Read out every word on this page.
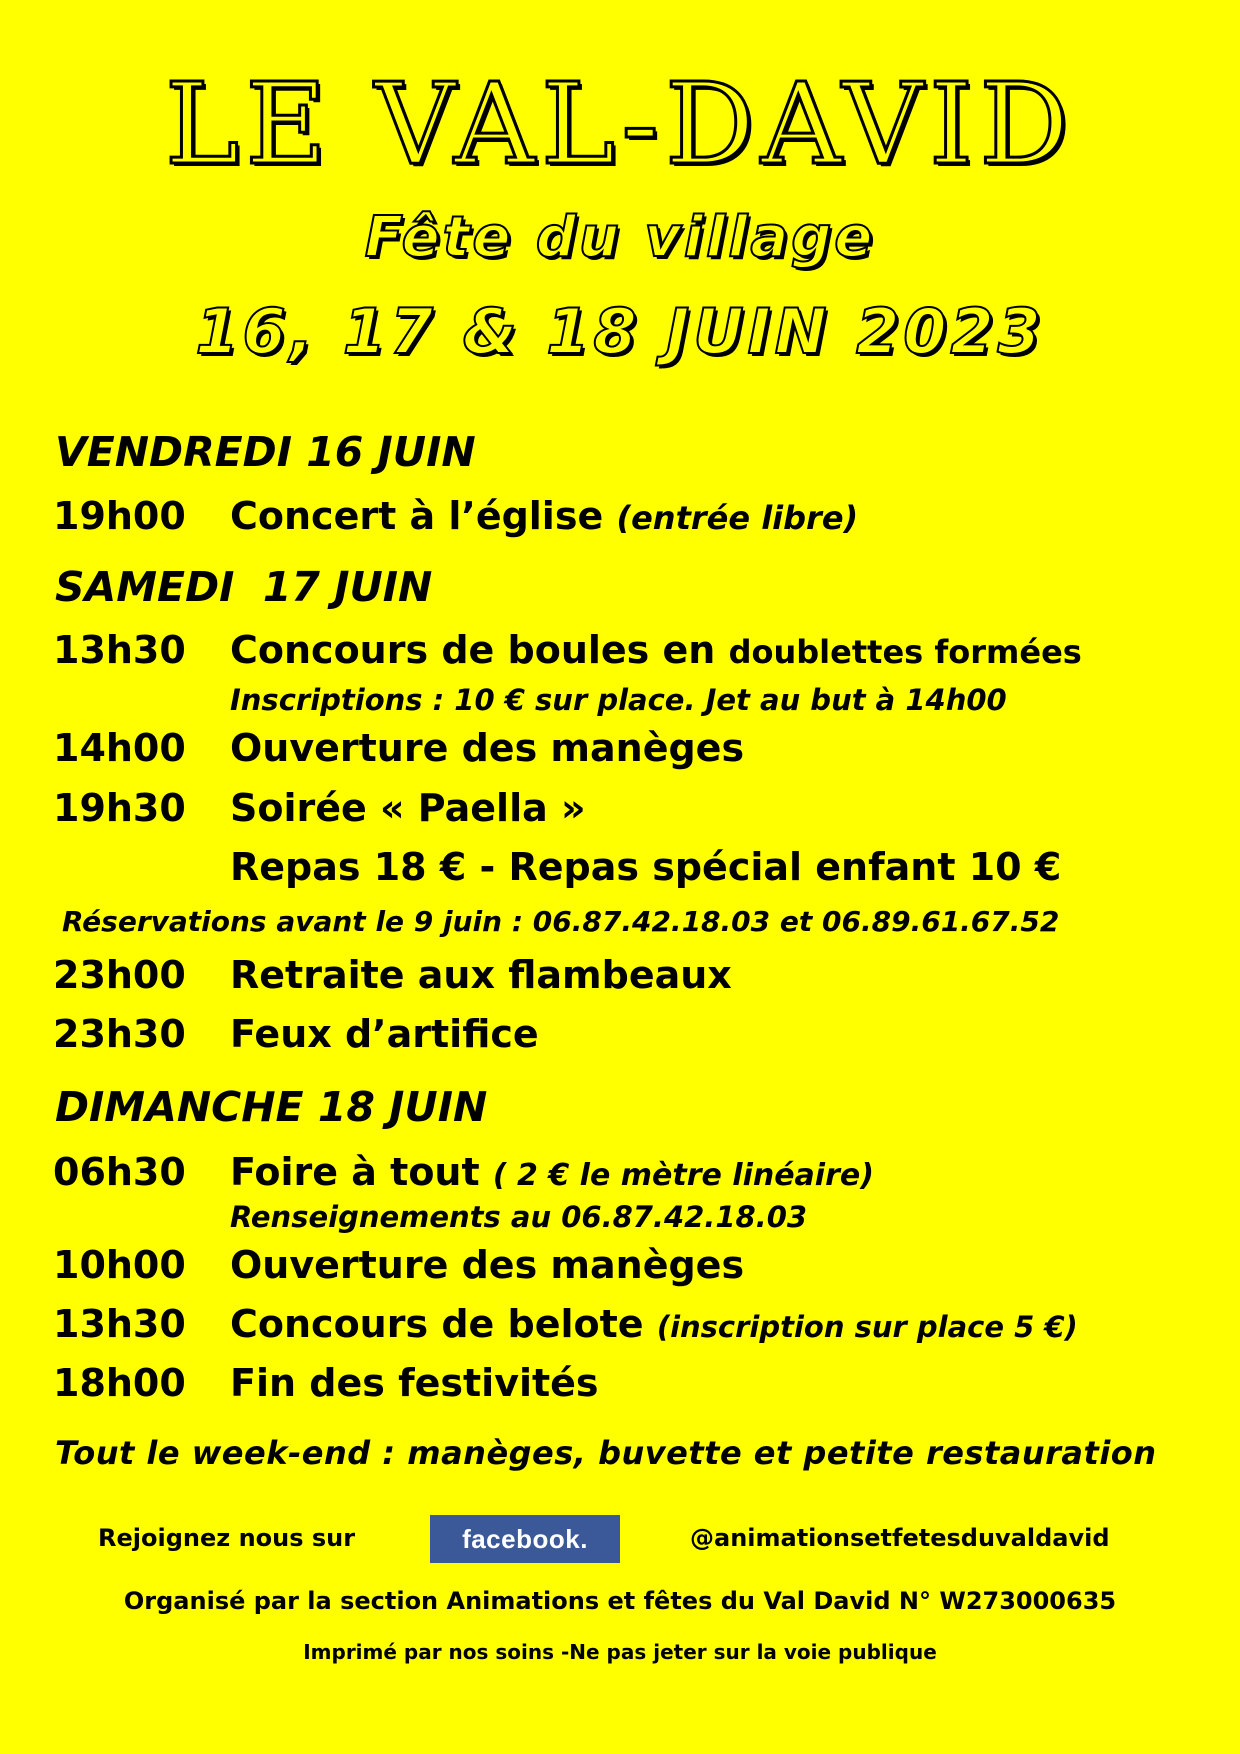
LE VAL-DAVID
Fête du village
16, 17 & 18 JUIN 2023
VENDREDI 16 JUIN
19h00 Concert à l’église (entrée libre)
SAMEDI  17 JUIN
13h30 Concours de boules en doublettes formées
Inscriptions : 10 € sur place. Jet au but à 14h00
14h00 Ouverture des manèges
19h30 Soirée « Paella »
Repas 18 € - Repas spécial enfant 10 €
Réservations avant le 9 juin : 06.87.42.18.03 et 06.89.61.67.52
23h00 Retraite aux flambeaux
23h30 Feux d’artifice
DIMANCHE 18 JUIN
06h30 Foire à tout ( 2 € le mètre linéaire)
Renseignements au 06.87.42.18.03
10h00 Ouverture des manèges
13h30 Concours de belote (inscription sur place 5 €)
18h00 Fin des festivités
Tout le week-end : manèges, buvette et petite restauration
Rejoignez nous sur	facebook.	@animationsetfetesduvaldavid
Organisé par la section Animations et fêtes du Val David N° W273000635
Imprimé par nos soins -Ne pas jeter sur la voie publique
